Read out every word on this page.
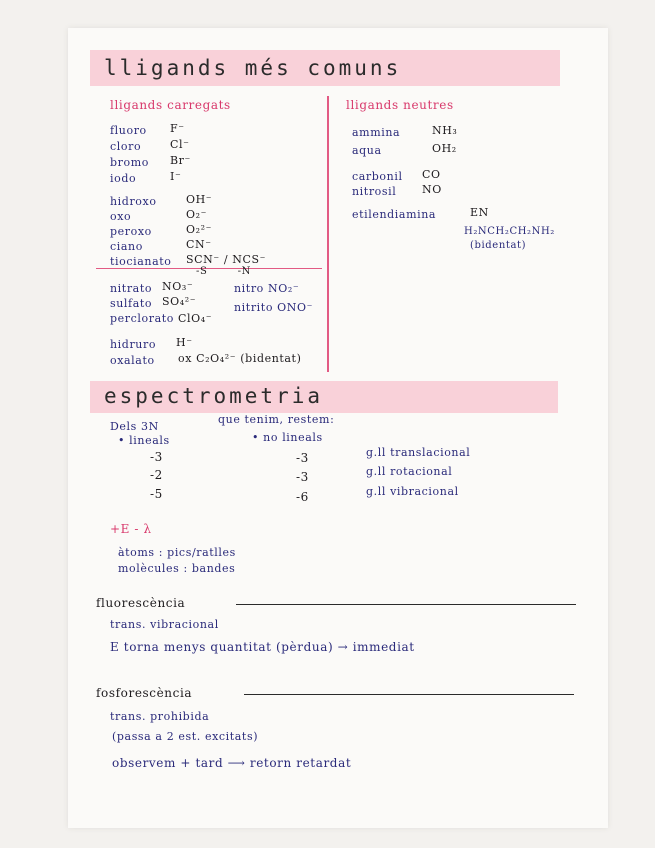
lligands més comuns
lligands carregats
fluoro F⁻
cloro	Cl⁻
bromo Br⁻
iodo	I⁻
hidroxo	OH⁻
oxo	O₂⁻
peroxo	O₂²⁻
ciano	CN⁻
tiocianato SCN⁻ / NCS⁻
-S        -N
nitrato NO₃⁻
sulfato SO₄²⁻
perclorato ClO₄⁻
nitro NO₂⁻
nitrito ONO⁻
hidruro H⁻
oxalato ox C₂O₄²⁻ (bidentat)
lligands neutres
ammina	NH₃
aqua	OH₂
carbonil CO
nitrosil NO
etilendiamina	EN
H₂NCH₂CH₂NH₂
(bidentat)
espectrometria
Dels 3N
que tenim, restem:
• lineals	• no lineals
-3	-3	g.ll translacional
-2	-3	g.ll rotacional
-5	-6	g.ll vibracional
+E - λ
àtoms : pics/ratlles
molècules : bandes
fluorescència
trans. vibracional
E torna menys quantitat (pèrdua) → immediat
fosforescència
trans. prohibida
(passa a 2 est. excitats)
observem + tard ⟶ retorn retardat
